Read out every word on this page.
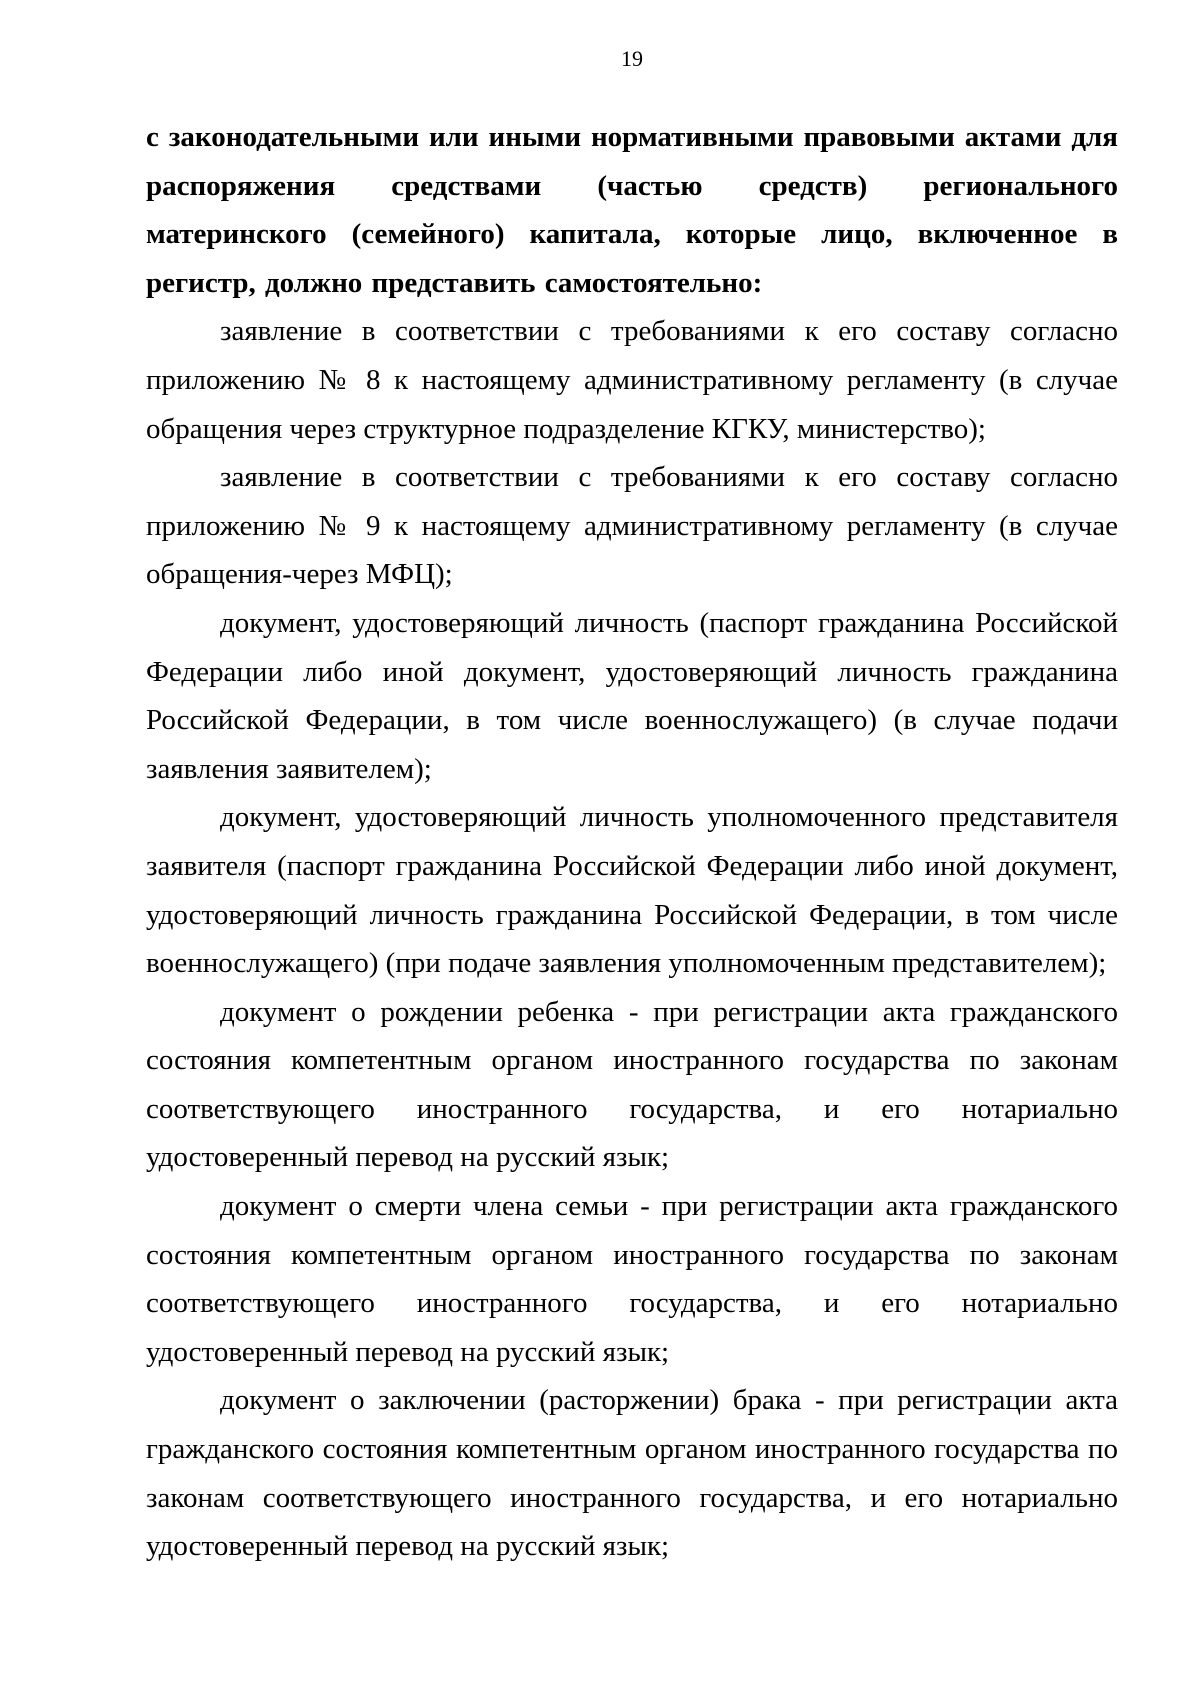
19

с законодательными или иными нормативными правовыми актами для распоряжения средствами (частью средств) регионального материнского (семейного) капитала, которые лицо, включенное в регистр, должно представить самостоятельно:

заявление в соответствии с требованиями к его составу согласно приложению № 8 к настоящему административному регламенту (в случае обращения через структурное подразделение КГКУ, министерство);

заявление в соответствии с требованиями к его составу согласно приложению № 9 к настоящему административному регламенту (в случае обращения-через МФЦ);

документ, удостоверяющий личность (паспорт гражданина Российской Федерации либо иной документ, удостоверяющий личность гражданина Российской Федерации, в том числе военнослужащего) (в случае подачи заявления заявителем);

документ, удостоверяющий личность уполномоченного представителя заявителя (паспорт гражданина Российской Федерации либо иной документ, удостоверяющий личность гражданина Российской Федерации, в том числе военнослужащего) (при подаче заявления уполномоченным представителем);

документ о рождении ребенка - при регистрации акта гражданского состояния компетентным органом иностранного государства по законам соответствующего иностранного государства, и его нотариально удостоверенный перевод на русский язык;

документ о смерти члена семьи - при регистрации акта гражданского состояния компетентным органом иностранного государства по законам соответствующего иностранного государства, и его нотариально удостоверенный перевод на русский язык;

документ о заключении (расторжении) брака - при регистрации акта гражданского состояния компетентным органом иностранного государства по законам соответствующего иностранного государства, и его нотариально удостоверенный перевод на русский язык;
